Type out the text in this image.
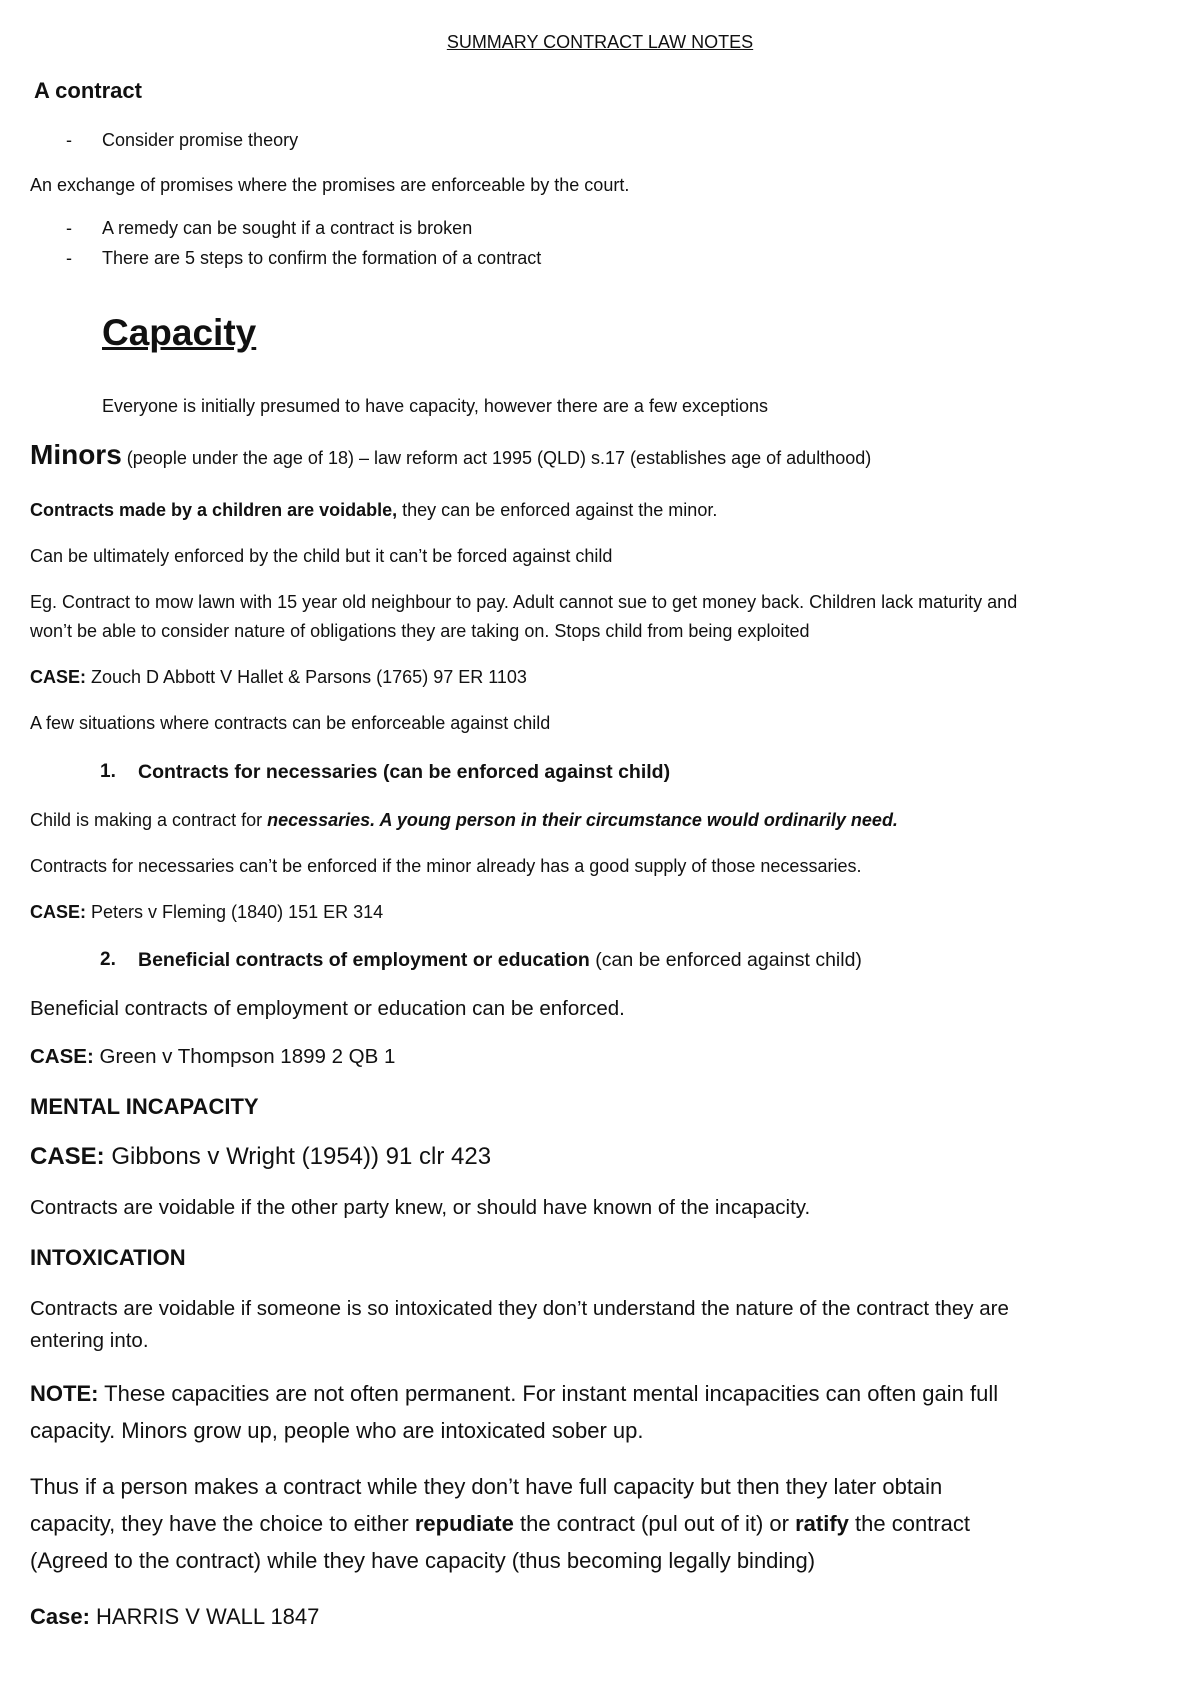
SUMMARY CONTRACT LAW NOTES
A contract
- Consider promise theory
An exchange of promises where the promises are enforceable by the court.
- A remedy can be sought if a contract is broken
- There are 5 steps to confirm the formation of a contract
Capacity
Everyone is initially presumed to have capacity, however there are a few exceptions
Minors (people under the age of 18) – law reform act 1995 (QLD) s.17 (establishes age of adulthood)
Contracts made by a children are voidable, they can be enforced against the minor.
Can be ultimately enforced by the child but it can’t be forced against child
Eg. Contract to mow lawn with 15 year old neighbour to pay. Adult cannot sue to get money back. Children lack maturity and
won’t be able to consider nature of obligations they are taking on. Stops child from being exploited
CASE: Zouch D Abbott V Hallet & Parsons (1765) 97 ER 1103
A few situations where contracts can be enforceable against child
1. Contracts for necessaries (can be enforced against child)
Child is making a contract for necessaries. A young person in their circumstance would ordinarily need.
Contracts for necessaries can’t be enforced if the minor already has a good supply of those necessaries.
CASE: Peters v Fleming (1840) 151 ER 314
2. Beneficial contracts of employment or education (can be enforced against child)
Beneficial contracts of employment or education can be enforced.
CASE: Green v Thompson 1899 2 QB 1
MENTAL INCAPACITY
CASE: Gibbons v Wright (1954)) 91 clr 423
Contracts are voidable if the other party knew, or should have known of the incapacity.
INTOXICATION
Contracts are voidable if someone is so intoxicated they don’t understand the nature of the contract they are
entering into.
NOTE: These capacities are not often permanent. For instant mental incapacities can often gain full
capacity. Minors grow up, people who are intoxicated sober up.
Thus if a person makes a contract while they don’t have full capacity but then they later obtain
capacity, they have the choice to either repudiate the contract (pul out of it) or ratify the contract
(Agreed to the contract) while they have capacity (thus becoming legally binding)
Case: HARRIS V WALL 1847
